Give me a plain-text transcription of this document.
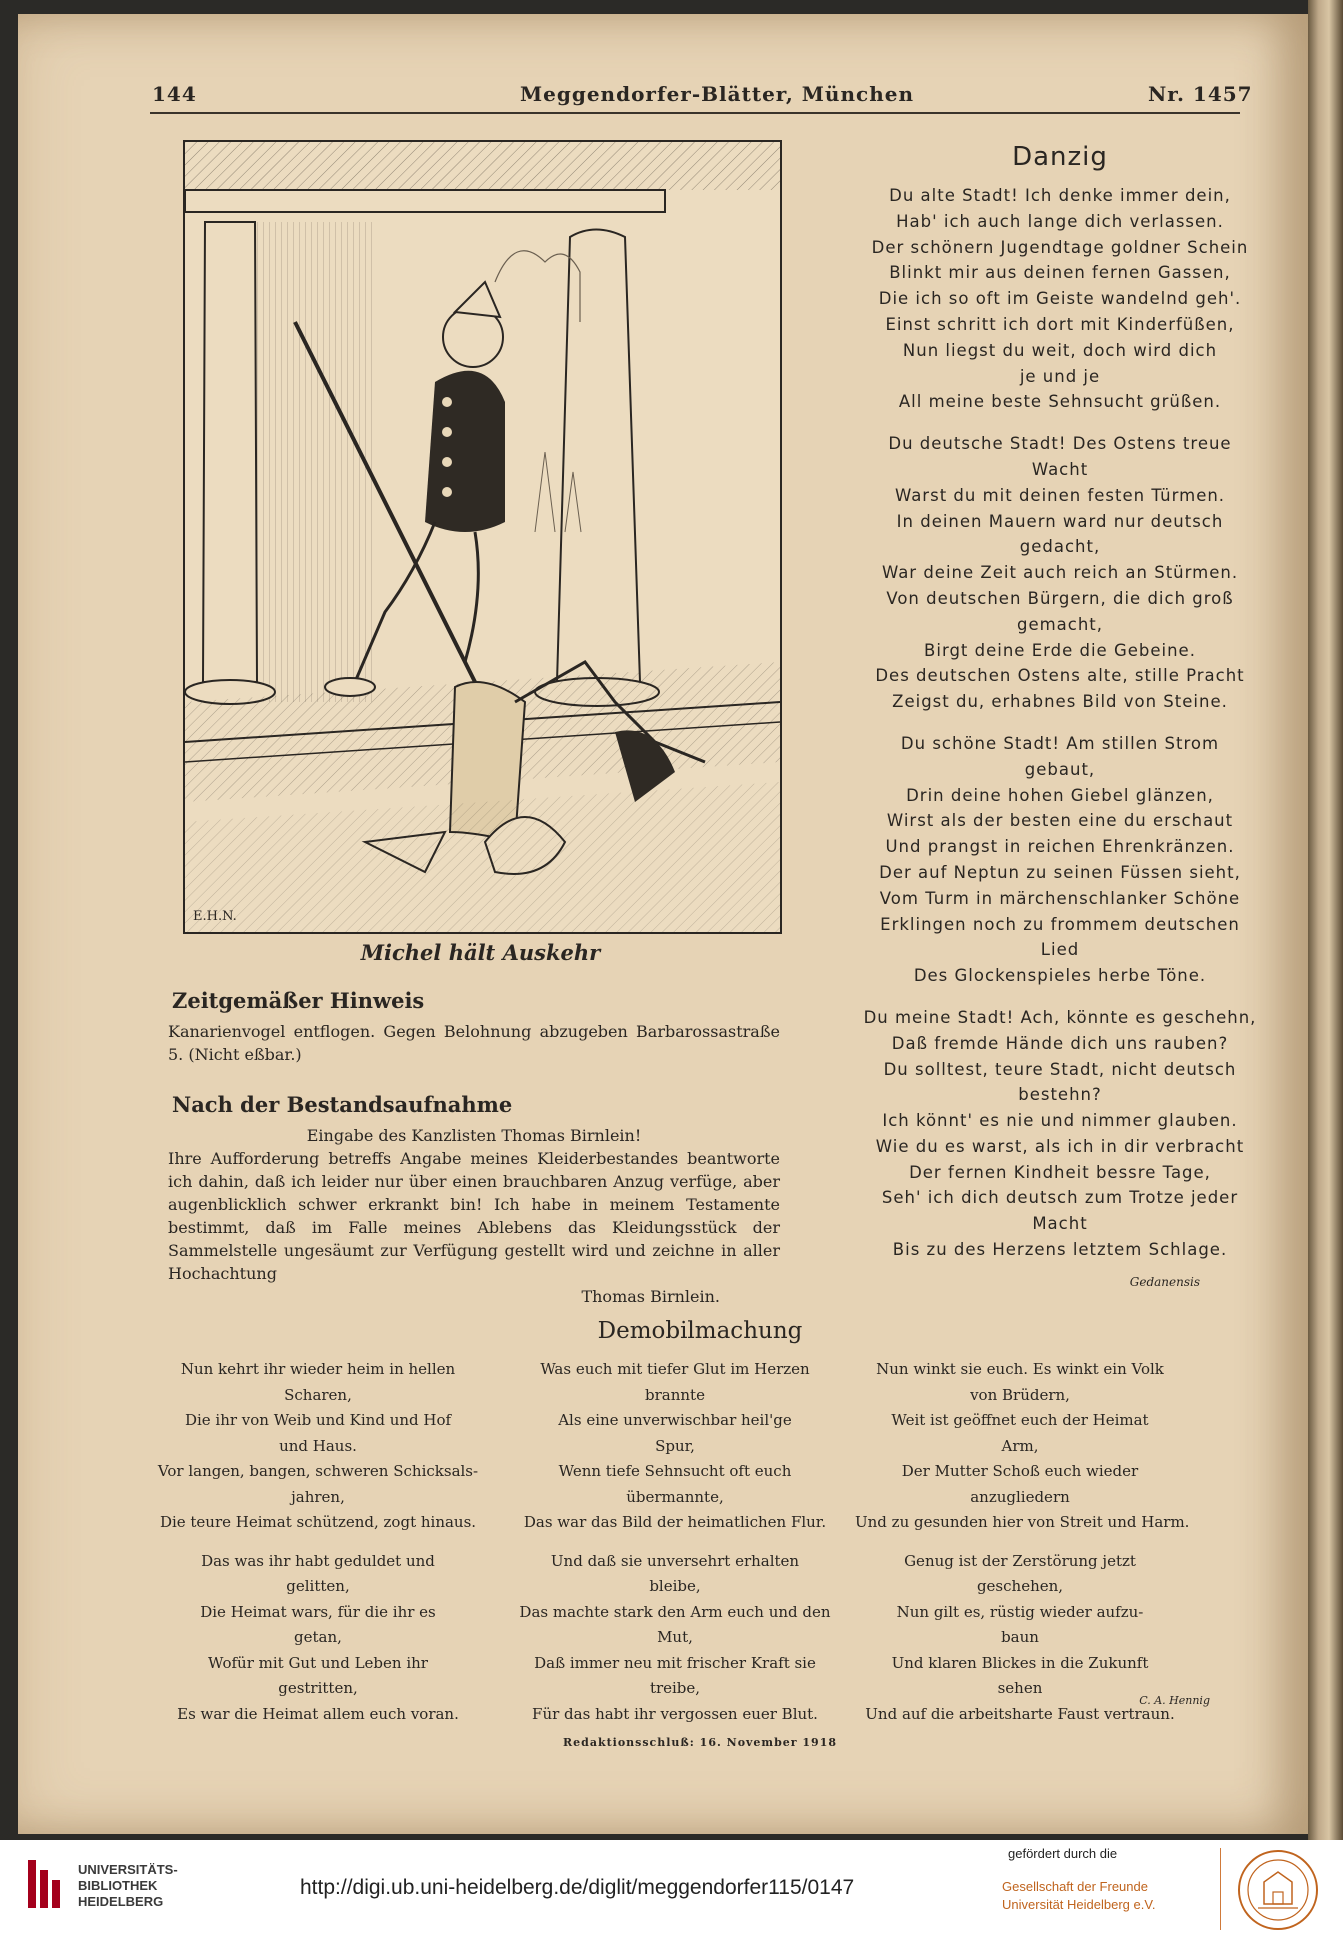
144	Meggendorfer-Blätter, München	Nr. 1457
E.H.N.
Michel hält Auskehr
Zeitgemäßer Hinweis
Kanarienvogel entflogen. Gegen Belohnung abzugeben Barbarossastraße 5. (Nicht eßbar.)
Nach der Bestandsaufnahme
Eingabe des Kanzlisten Thomas Birnlein!
Ihre Aufforderung betreffs Angabe meines Kleiderbestandes beantworte ich dahin, daß ich leider nur über einen brauchbaren Anzug verfüge, aber augenblicklich schwer erkrankt bin! Ich habe in meinem Testamente bestimmt, daß im Falle meines Ablebens das Kleidungsstück der Sammelstelle ungesäumt zur Verfügung gestellt wird und zeichne in aller Hochachtung
Thomas Birnlein.
Danzig
Du alte Stadt! Ich denke immer dein,
Hab' ich auch lange dich verlassen.
Der schönern Jugendtage goldner Schein
Blinkt mir aus deinen fernen Gassen,
Die ich so oft im Geiste wandelnd geh'.
Einst schritt ich dort mit Kinderfüßen,
Nun liegst du weit, doch wird dich
je und je
All meine beste Sehnsucht grüßen.
Du deutsche Stadt! Des Ostens treue
Wacht
Warst du mit deinen festen Türmen.
In deinen Mauern ward nur deutsch
gedacht,
War deine Zeit auch reich an Stürmen.
Von deutschen Bürgern, die dich groß
gemacht,
Birgt deine Erde die Gebeine.
Des deutschen Ostens alte, stille Pracht
Zeigst du, erhabnes Bild von Steine.
Du schöne Stadt! Am stillen Strom
gebaut,
Drin deine hohen Giebel glänzen,
Wirst als der besten eine du erschaut
Und prangst in reichen Ehrenkränzen.
Der auf Neptun zu seinen Füssen sieht,
Vom Turm in märchenschlanker Schöne
Erklingen noch zu frommem deutschen
Lied
Des Glockenspieles herbe Töne.
Du meine Stadt! Ach, könnte es geschehn,
Daß fremde Hände dich uns rauben?
Du solltest, teure Stadt, nicht deutsch
bestehn?
Ich könnt' es nie und nimmer glauben.
Wie du es warst, als ich in dir verbracht
Der fernen Kindheit bessre Tage,
Seh' ich dich deutsch zum Trotze jeder
Macht
Bis zu des Herzens letztem Schlage.
Gedanensis
Demobilmachung
Nun kehrt ihr wieder heim in hellen
Scharen,
Die ihr von Weib und Kind und Hof
und Haus.
Vor langen, bangen, schweren Schicksals-
jahren,
Die teure Heimat schützend, zogt hinaus.
Das was ihr habt geduldet und
gelitten,
Die Heimat wars, für die ihr es
getan,
Wofür mit Gut und Leben ihr
gestritten,
Es war die Heimat allem euch voran.
Was euch mit tiefer Glut im Herzen
brannte
Als eine unverwischbar heil'ge
Spur,
Wenn tiefe Sehnsucht oft euch
übermannte,
Das war das Bild der heimatlichen Flur.
Und daß sie unversehrt erhalten
bleibe,
Das machte stark den Arm euch und den
Mut,
Daß immer neu mit frischer Kraft sie
treibe,
Für das habt ihr vergossen euer Blut.
Nun winkt sie euch. Es winkt ein Volk
von Brüdern,
Weit ist geöffnet euch der Heimat
Arm,
Der Mutter Schoß euch wieder
anzugliedern
Und zu gesunden hier von Streit und Harm.
Genug ist der Zerstörung jetzt
geschehen,
Nun gilt es, rüstig wieder aufzu-
baun
Und klaren Blickes in die Zukunft
sehen
Und auf die arbeitsharte Faust vertraun.
C. A. Hennig
Redaktionsschluß: 16. November 1918
UNIVERSITÄTS-
BIBLIOTHEK
HEIDELBERG
http://digi.ub.uni-heidelberg.de/diglit/meggendorfer115/0147
gefördert durch die
Gesellschaft der Freunde
Universität Heidelberg e.V.
